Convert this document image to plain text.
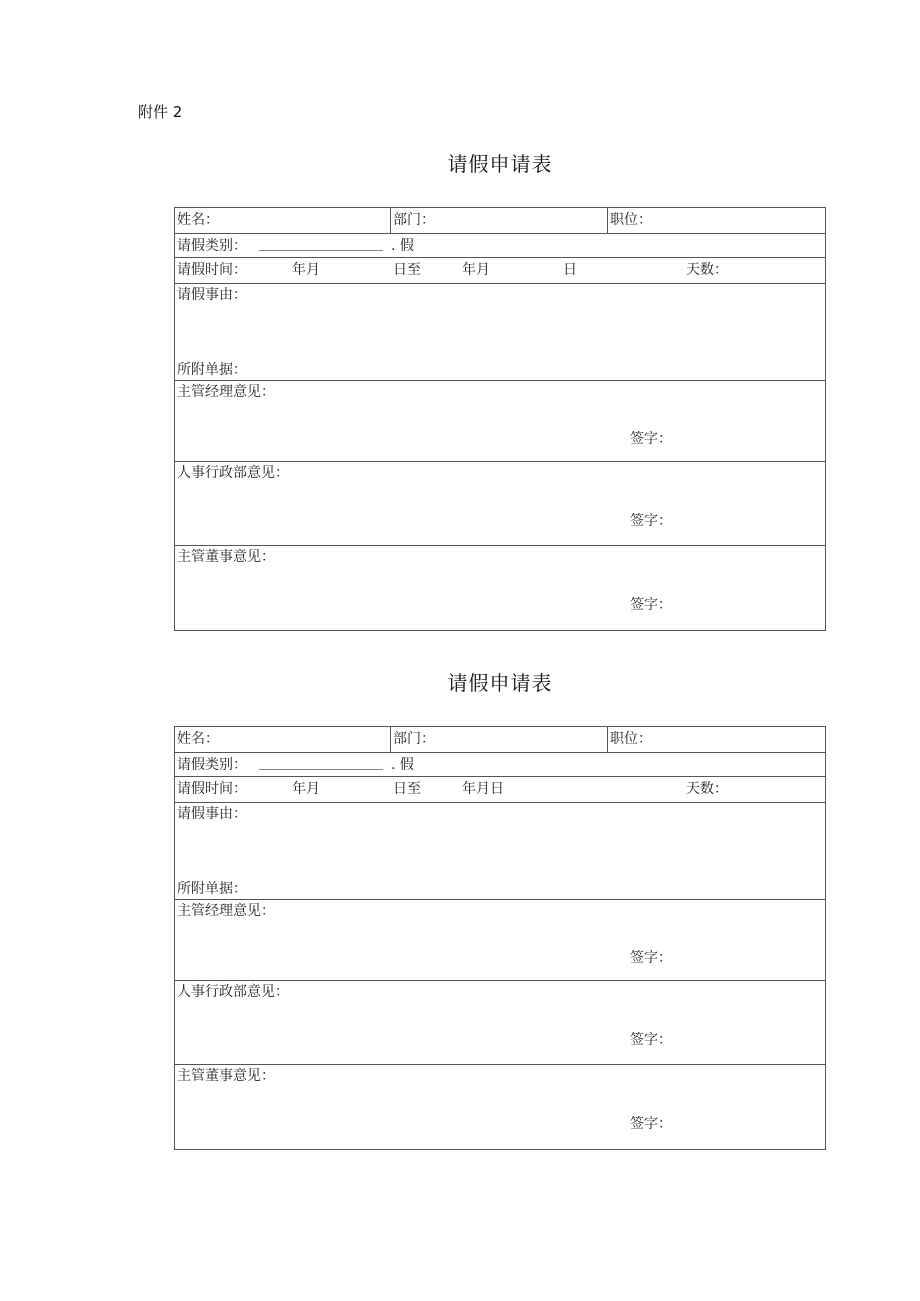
附件 2
请假申请表
姓名：	部门：	职位：
请假类别：	. 假
请假时间：	年月	日至	年月	日	天数：
请假事由：
所附单据：
主管经理意见：
签字：
人事行政部意见：
签字：
主管董事意见：
签字：
请假申请表
姓名：	部门：	职位：
请假类别：	. 假
请假时间：	年月	日至	年月日	天数：
请假事由：
所附单据：
主管经理意见：
签字：
人事行政部意见：
签字：
主管董事意见：
签字：
